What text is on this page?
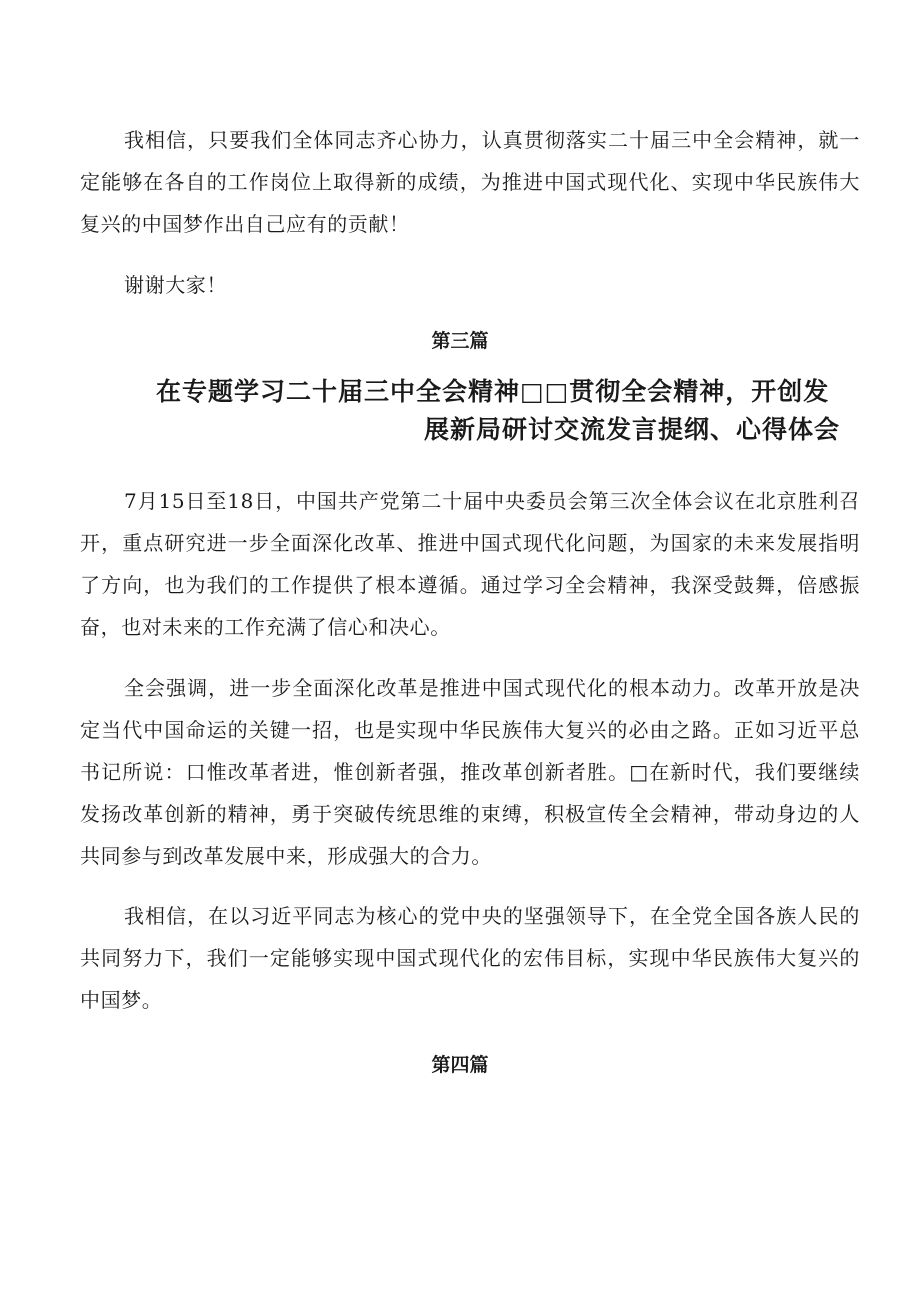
我相信，只要我们全体同志齐心协力，认真贯彻落实二十届三中全会精神，就一定能够在各自的工作岗位上取得新的成绩，为推进中国式现代化、实现中华民族伟大复兴的中国梦作出自己应有的贡献！

谢谢大家！

第三篇
在专题学习二十届三中全会精神□□贯彻全会精神，开创发
展新局研讨交流发言提纲、心得体会

7月15日至18日，中国共产党第二十届中央委员会第三次全体会议在北京胜利召开，重点研究进一步全面深化改革、推进中国式现代化问题，为国家的未来发展指明了方向，也为我们的工作提供了根本遵循。通过学习全会精神，我深受鼓舞，倍感振奋，也对未来的工作充满了信心和决心。

全会强调，进一步全面深化改革是推进中国式现代化的根本动力。改革开放是决定当代中国命运的关键一招，也是实现中华民族伟大复兴的必由之路。正如习近平总书记所说：口惟改革者进，惟创新者强，推改革创新者胜。□在新时代，我们要继续发扬改革创新的精神，勇于突破传统思维的束缚，积极宣传全会精神，带动身边的人共同参与到改革发展中来，形成强大的合力。

我相信，在以习近平同志为核心的党中央的坚强领导下，在全党全国各族人民的共同努力下，我们一定能够实现中国式现代化的宏伟目标，实现中华民族伟大复兴的中国梦。

第四篇
